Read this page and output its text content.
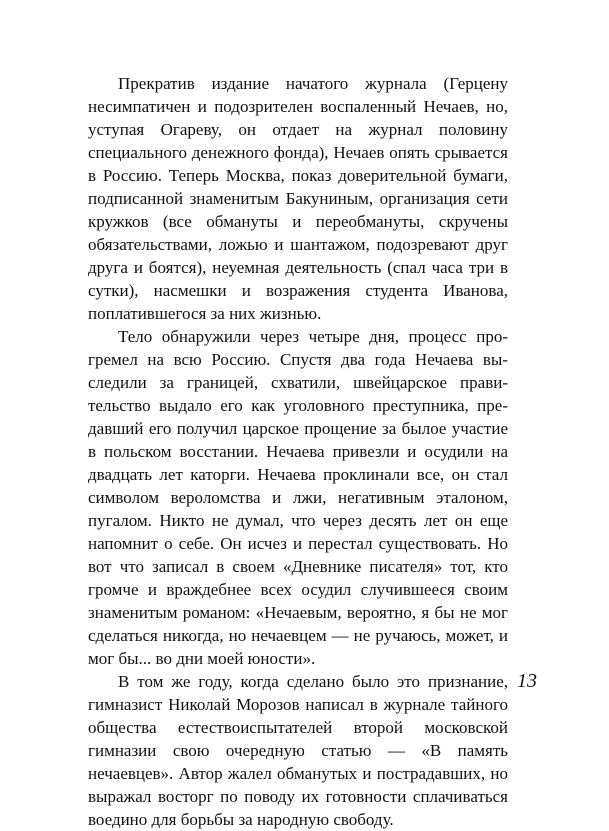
Прекратив издание начатого журнала (Герцену несимпатичен и подозрителен воспаленный Нечаев, но, уступая Огареву, он отдает на журнал половину специального денежного фонда), Нечаев опять срывается в Россию. Теперь Москва, показ доверительной бумаги, подписанной знаменитым Бакуниным, организация сети кружков (все обмануты и переобмануты, скручены обязательствами, ложью и шантажом, подозревают друг друга и боятся), неуемная деятельность (спал часа три в сутки), насмешки и возражения студента Иванова, поплатившегося за них жизнью.

Тело обнаружили через четыре дня, процесс прогремел на всю Россию. Спустя два года Нечаева выследили за границей, схватили, швейцарское правительство выдало его как уголовного преступника, предавший его получил царское прощение за былое участие в польском восстании. Нечаева привезли и осудили на двадцать лет каторги. Нечаева проклинали все, он стал символом вероломства и лжи, негативным эталоном, пугалом. Никто не думал, что через десять лет он еще напомнит о себе. Он исчез и перестал существовать. Но вот что записал в своем «Дневнике писателя» тот, кто громче и враждебнее всех осудил случившееся своим знаменитым романом: «Нечаевым, вероятно, я бы не мог сделаться никогда, но нечаевцем — не ручаюсь, может, и мог бы... во дни моей юности».

В том же году, когда сделано было это признание, гимназист Николай Морозов написал в журнале тайного общества естествоиспытателей второй московской гимназии свою очередную статью — «В память нечаевцев». Автор жалел обманутых и пострадавших, но выражал восторг по поводу их готовности сплачиваться воедино для борьбы за народную свободу.

13
